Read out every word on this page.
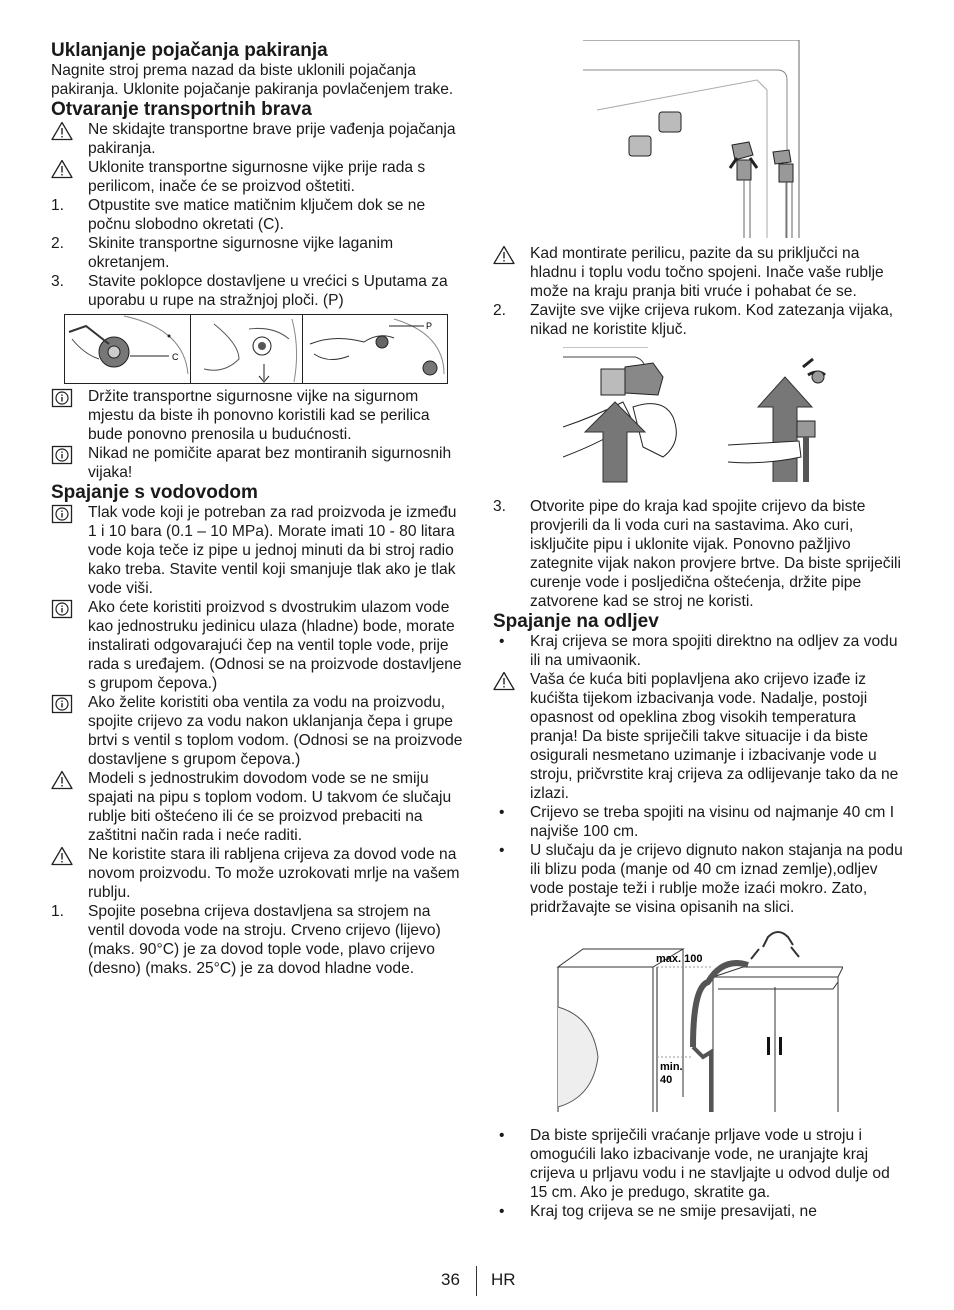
Uklanjanje pojačanja pakiranja

Nagnite stroj prema nazad da biste uklonili pojačanja pakiranja. Uklonite pojačanje pakiranja povlačenjem trake.

Otvaranje transportnih brava
Ne skidajte transportne brave prije vađenja pojačanja pakiranja.
Uklonite transportne sigurnosne vijke prije rada s perilicom, inače će se proizvod oštetiti.
1. Otpustite sve matice matičnim ključem dok se ne počnu slobodno okretati (C).
2. Skinite transportne sigurnosne vijke laganim okretanjem.
3. Stavite poklopce dostavljene u vrećici s Uputama za uporabu u rupe na stražnjoj ploči. (P)
C
P
Držite transportne sigurnosne vijke na sigurnom mjestu da biste ih ponovno koristili kad se perilica bude ponovno prenosila u budućnosti.
Nikad ne pomičite aparat bez montiranih sigurnosnih vijaka!
Spajanje s vodovodom
Tlak vode koji je potreban za rad proizvoda je između 1 i 10 bara (0.1 – 10 MPa). Morate imati 10 - 80 litara vode koja teče iz pipe u jednoj minuti da bi stroj radio kako treba. Stavite ventil koji smanjuje tlak ako je tlak vode viši.
Ako ćete koristiti proizvod s dvostrukim ulazom vode kao jednostruku jedinicu ulaza (hladne) bode, morate instalirati odgovarajući čep na ventil tople vode, prije rada s uređajem. (Odnosi se na proizvode dostavljene s grupom čepova.)
Ako želite koristiti oba ventila za vodu na proizvodu, spojite crijevo za vodu nakon uklanjanja čepa i grupe brtvi s ventil s toplom vodom. (Odnosi se na proizvode dostavljene s grupom čepova.)
Modeli s jednostrukim dovodom vode se ne smiju spajati na pipu s toplom vodom. U takvom će slučaju rublje biti oštećeno ili će se proizvod prebaciti na zaštitni način rada i neće raditi.
Ne koristite stara ili rabljena crijeva za dovod vode na novom proizvodu. To može uzrokovati mrlje na vašem rublju.
1. Spojite posebna crijeva dostavljena sa strojem na ventil dovoda vode na stroju. Crveno crijevo (lijevo) (maks. 90°C) je za dovod tople vode, plavo crijevo (desno) (maks. 25°C) je za dovod hladne vode.
Kad montirate perilicu, pazite da su priključci na hladnu i toplu vodu točno spojeni. Inače vaše rublje može na kraju pranja biti vruće i pohabat će se.
2. Zavijte sve vijke crijeva rukom. Kod zatezanja vijaka, nikad ne koristite ključ.
3. Otvorite pipe do kraja kad spojite crijevo da biste provjerili da li voda curi na sastavima. Ako curi, isključite pipu i uklonite vijak. Ponovno pažljivo zategnite vijak nakon provjere brtve. Da biste spriječili curenje vode i posljedična oštećenja, držite pipe zatvorene kad se stroj ne koristi.
Spajanje na odljev
• Kraj crijeva se mora spojiti direktno na odljev za vodu ili na umivaonik.
Vaša će kuća biti poplavljena ako crijevo izađe iz kućišta tijekom izbacivanja vode. Nadalje, postoji opasnost od opeklina zbog visokih temperatura pranja! Da biste spriječili takve situacije i da biste osigurali nesmetano uzimanje i izbacivanje vode u stroju, pričvrstite kraj crijeva za odlijevanje tako da ne izlazi.
• Crijevo se treba spojiti na visinu od najmanje 40 cm I najviše 100 cm.
• U slučaju da je crijevo dignuto nakon stajanja na podu ili blizu poda (manje od 40 cm iznad zemlje),odljev vode postaje teži i rublje može izaći mokro. Zato, pridržavajte se visina opisanih na slici.
max. 100
min.
40
• Da biste spriječili vraćanje prljave vode u stroju i omogućili lako izbacivanje vode, ne uranjajte kraj crijeva u prljavu vodu i ne stavljajte u odvod dulje od 15 cm. Ako je predugo, skratite ga.
• Kraj tog crijeva se ne smije presavijati, ne
36 HR
